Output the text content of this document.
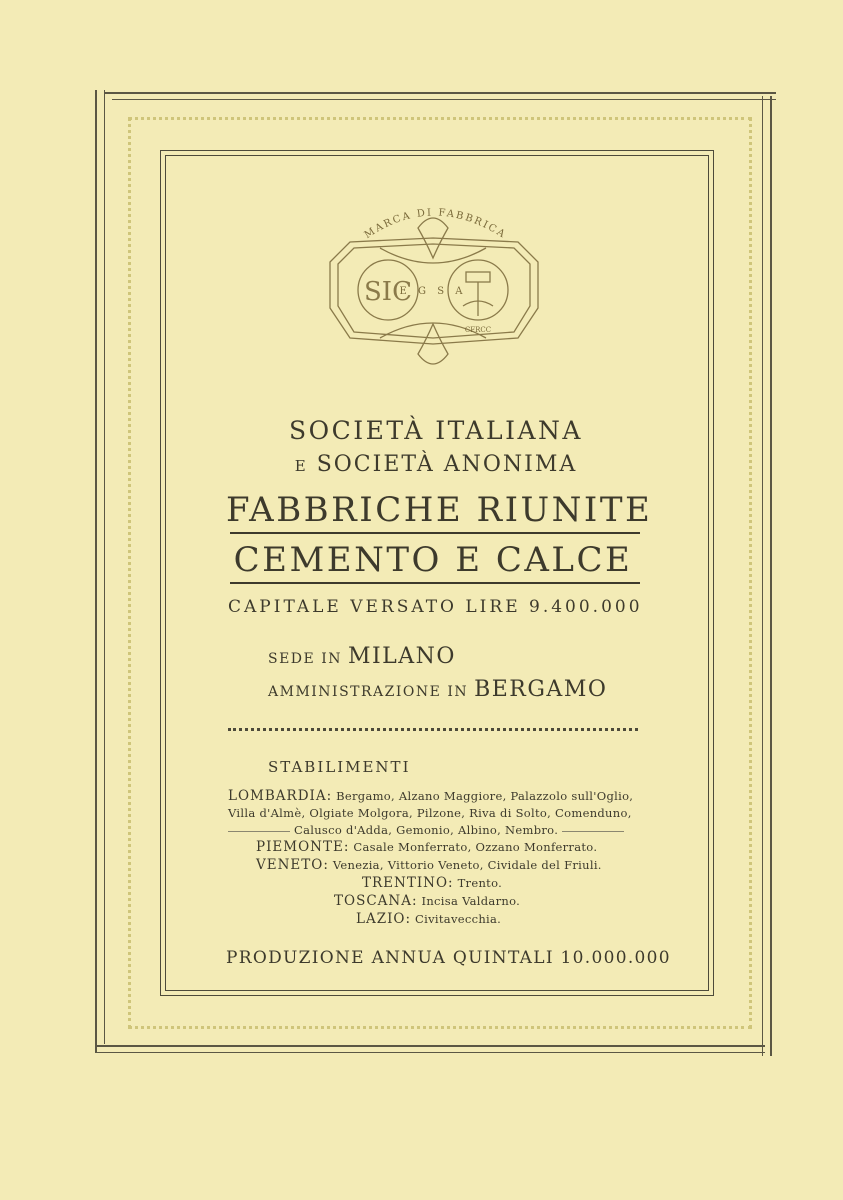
MARCA DI FABBRICA
SIC
E G S A
CFRCC
SOCIETÀ ITALIANA
E SOCIETÀ ANONIMA
FABBRICHE RIUNITE
CEMENTO E CALCE
CAPITALE VERSATO LIRE 9.400.000
SEDE IN MILANO
AMMINISTRAZIONE IN BERGAMO
STABILIMENTI
LOMBARDIA: Bergamo, Alzano Maggiore, Palazzolo sull'Oglio,
Villa d'Almè, Olgiate Molgora, Pilzone, Riva di Solto, Comenduno,
Calusco d'Adda, Gemonio, Albino, Nembro.
PIEMONTE: Casale Monferrato, Ozzano Monferrato.
VENETO: Venezia, Vittorio Veneto, Cividale del Friuli.
TRENTINO: Trento.
TOSCANA: Incisa Valdarno.
LAZIO: Civitavecchia.
PRODUZIONE ANNUA QUINTALI 10.000.000
